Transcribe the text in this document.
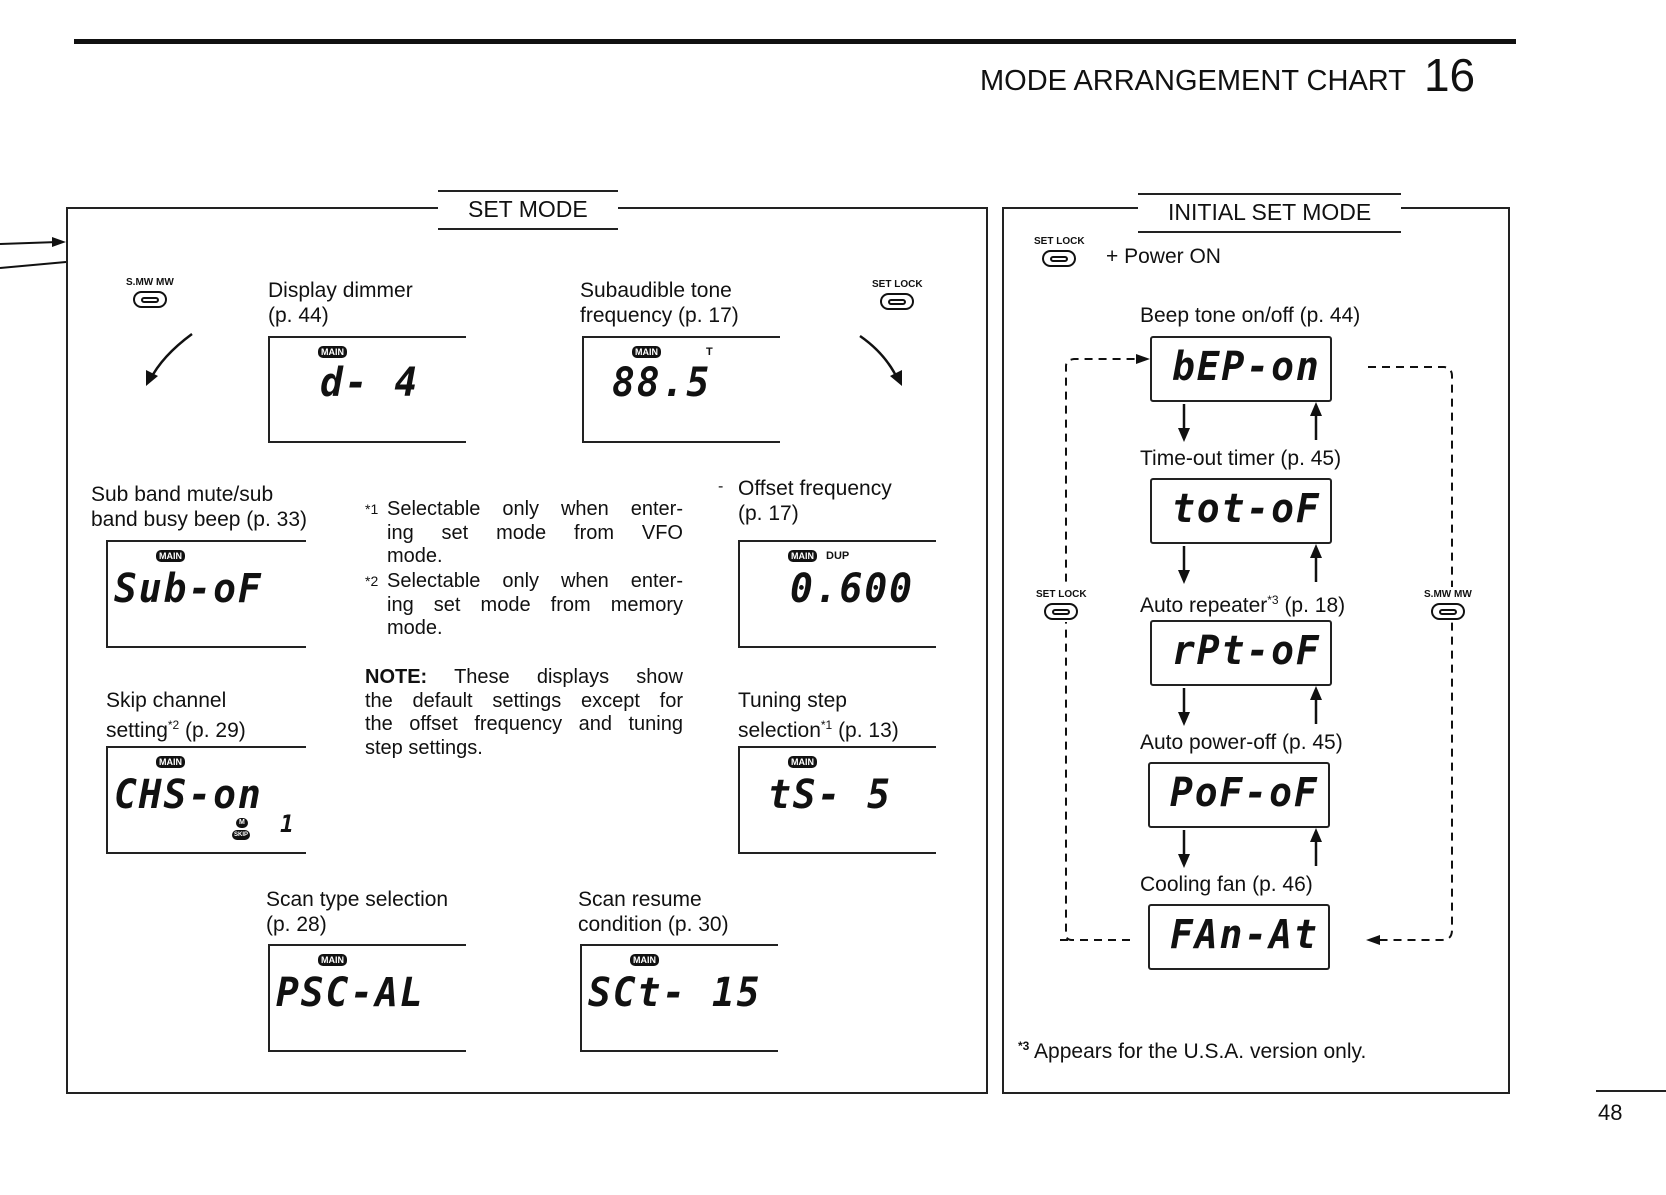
MODE ARRANGEMENT CHART 16
SET MODE
S.MW MW	SET LOCK
Display dimmer
(p. 44)
MAIN
d- 4
Subaudible tone
frequency (p. 17)
MAIN	T
88.5
Sub band mute/sub
band busy beep (p. 33)
MAIN
Sub-oF
*1 Selectable only when enter-
ing set mode from VFO
mode.
*2 Selectable only when enter-
ing set mode from memory
mode.
NOTE: These displays show
the default settings except for
the offset frequency and tuning
step settings.
- Offset frequency
(p. 17)
MAIN DUP
0.600
Skip channel
setting$^{*2}$ (p. 29)
MAIN
CHS-on
M
SKIP 1
Tuning step
selection$^{*1}$ (p. 13)
MAIN
tS- 5
Scan type selection
(p. 28)
MAIN
PSC-AL
Scan resume
condition (p. 30)
MAIN
SCt- 15
INITIAL SET MODE
SET LOCK
+ Power ON
SET LOCK	S.MW MW
Beep tone on/off (p. 44)
bEP-on
Time-out timer (p. 45)
tot-oF
Auto repeater$^{*3}$ (p. 18)
rPt-oF
Auto power-off (p. 45)
PoF-oF
Cooling fan (p. 46)
FAn-At
$^{*3}$ Appears for the U.S.A. version only.
48
